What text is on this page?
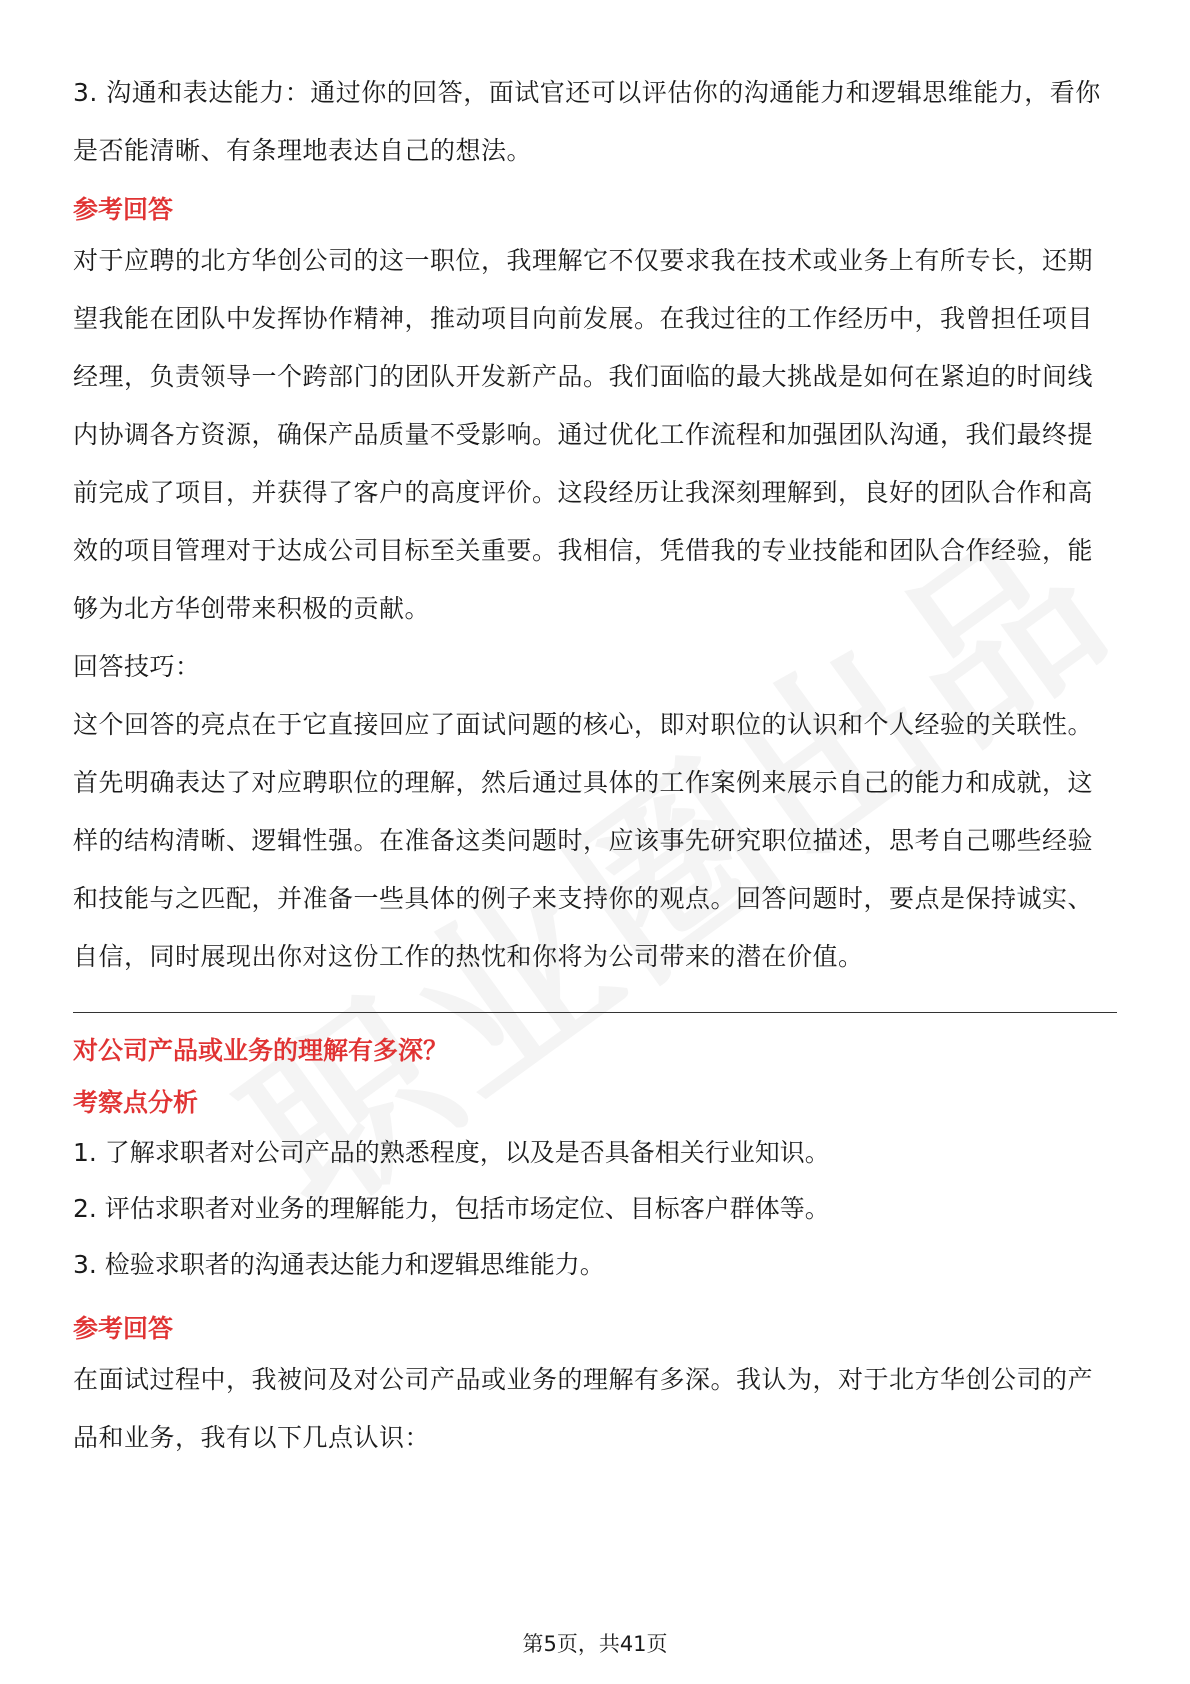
3. 沟通和表达能力：通过你的回答，面试官还可以评估你的沟通能力和逻辑思维能力，看你是否能清晰、有条理地表达自己的想法。

参考回答

对于应聘的北方华创公司的这一职位，我理解它不仅要求我在技术或业务上有所专长，还期望我能在团队中发挥协作精神，推动项目向前发展。在我过往的工作经历中，我曾担任项目经理，负责领导一个跨部门的团队开发新产品。我们面临的最大挑战是如何在紧迫的时间线内协调各方资源，确保产品质量不受影响。通过优化工作流程和加强团队沟通，我们最终提前完成了项目，并获得了客户的高度评价。这段经历让我深刻理解到，良好的团队合作和高效的项目管理对于达成公司目标至关重要。我相信，凭借我的专业技能和团队合作经验，能够为北方华创带来积极的贡献。

回答技巧：

这个回答的亮点在于它直接回应了面试问题的核心，即对职位的认识和个人经验的关联性。首先明确表达了对应聘职位的理解，然后通过具体的工作案例来展示自己的能力和成就，这样的结构清晰、逻辑性强。在准备这类问题时，应该事先研究职位描述，思考自己哪些经验和技能与之匹配，并准备一些具体的例子来支持你的观点。回答问题时，要点是保持诚实、自信，同时展现出你对这份工作的热忱和你将为公司带来的潜在价值。

对公司产品或业务的理解有多深？

考察点分析

1. 了解求职者对公司产品的熟悉程度，以及是否具备相关行业知识。

2. 评估求职者对业务的理解能力，包括市场定位、目标客户群体等。

3. 检验求职者的沟通表达能力和逻辑思维能力。

参考回答

在面试过程中，我被问及对公司产品或业务的理解有多深。我认为，对于北方华创公司的产品和业务，我有以下几点认识：

第5页，共41页
